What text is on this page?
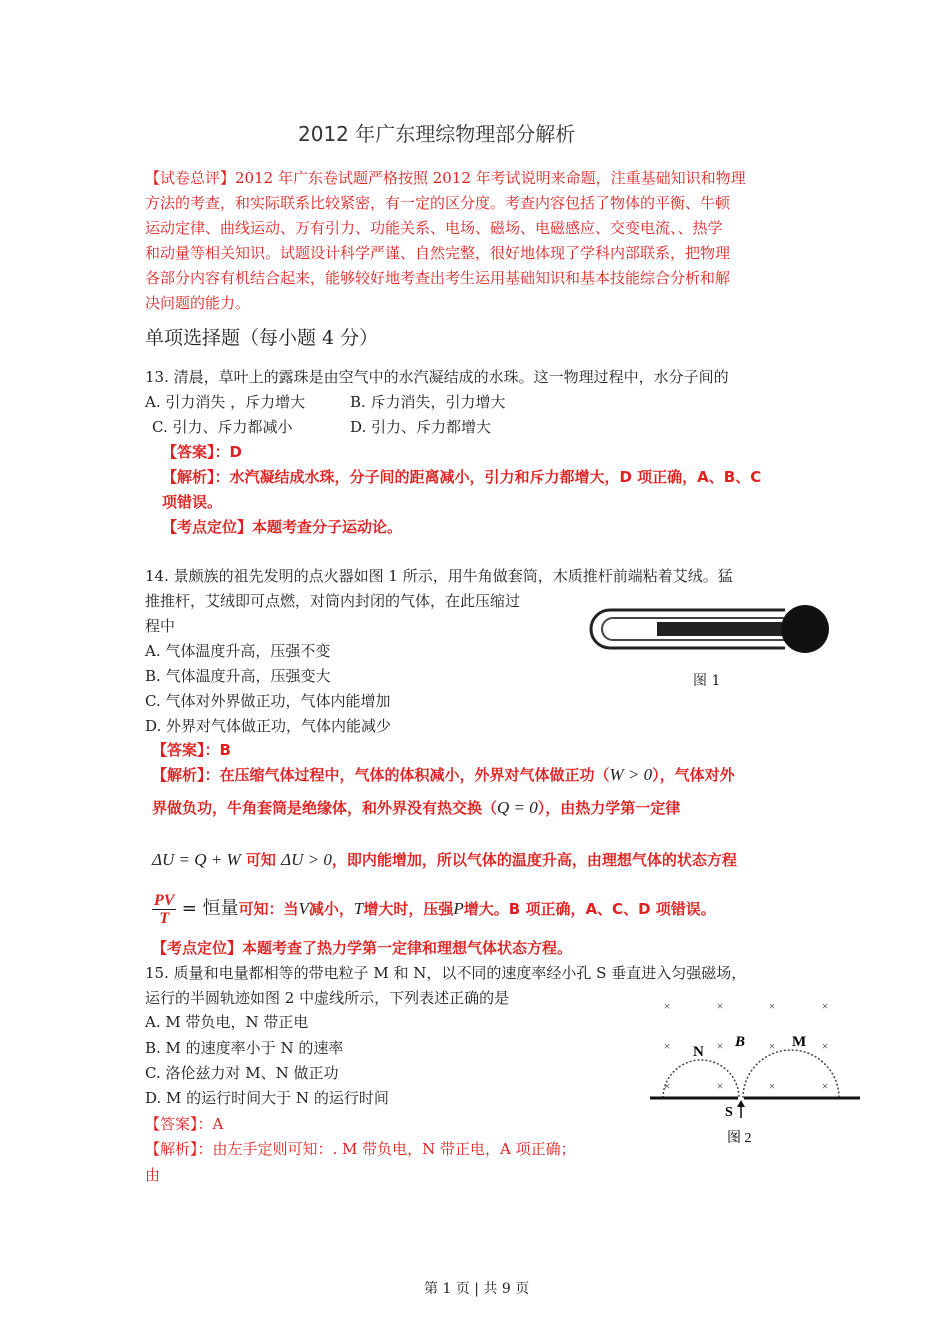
2012 年广东理综物理部分解析
【试卷总评】2012 年广东卷试题严格按照 2012 年考试说明来命题，注重基础知识和物理
方法的考查，和实际联系比较紧密，有一定的区分度。考查内容包括了物体的平衡、牛顿
运动定律、曲线运动、万有引力、功能关系、电场、磁场、电磁感应、交变电流、、热学
和动量等相关知识。试题设计科学严谨、自然完整，很好地体现了学科内部联系，把物理
各部分内容有机结合起来，能够较好地考查出考生运用基础知识和基本技能综合分析和解
决问题的能力。
单项选择题（每小题 4 分）
13. 清晨，草叶上的露珠是由空气中的水汽凝结成的水珠。这一物理过程中，水分子间的
A. 引力消失 ，斥力增大	B. 斥力消失，引力增大
C. 引力、斥力都减小	D. 引力、斥力都增大
【答案】：D
【解析】：水汽凝结成水珠，分子间的距离减小，引力和斥力都增大，D 项正确，A、B、C
项错误。
【考点定位】本题考查分子运动论。
14. 景颇族的祖先发明的点火器如图 1 所示，用牛角做套筒，木质推杆前端粘着艾绒。猛
推推杆，艾绒即可点燃，对筒内封闭的气体，在此压缩过
程中
A. 气体温度升高，压强不变
B. 气体温度升高，压强变大
C. 气体对外界做正功，气体内能增加
D. 外界对气体做正功，气体内能减少
图 1
【答案】：B
【解析】：在压缩气体过程中，气体的体积减小，外界对气体做正功（W > 0），气体对外
界做负功，牛角套筒是绝缘体，和外界没有热交换（Q = 0），由热力学第一定律
ΔU = Q + W 可知 ΔU > 0，即内能增加，所以气体的温度升高，由理想气体的状态方程
$\frac{PV}{T}$ = 恒量可知：当V减小，T增大时，压强P增大。B 项正确，A、C、D 项错误。
【考点定位】本题考查了热力学第一定律和理想气体状态方程。
15. 质量和电量都相等的带电粒子 M 和 N，以不同的速度率经小孔 S 垂直进入匀强磁场，
运行的半圆轨迹如图 2 中虚线所示，下列表述正确的是
A. M 带负电，N 带正电
B. M 的速度率小于 N 的速率
C. 洛伦兹力对 M、N 做正功
D. M 的运行时间大于 N 的运行时间
【答案】：A
【解析】：由左手定则可知：. M 带负电，N 带正电，A 项正确；
由
×	×	×	×
×	×	×	×
×	×	×	×
B	M
N
S
图 2
第 1 页 | 共 9 页
